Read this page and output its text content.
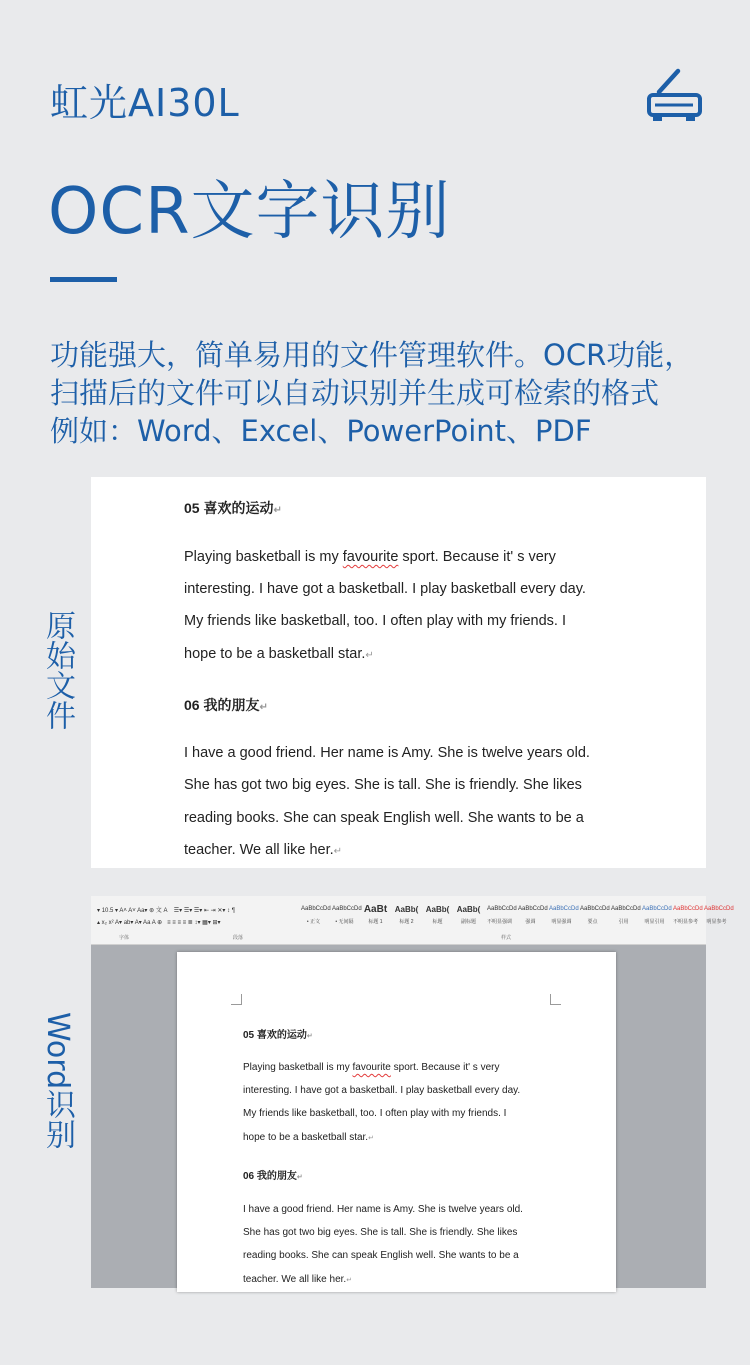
虹光AI30L
OCR文字识别
功能强大，简单易用的文件管理软件。OCR功能，
扫描后的文件可以自动识别并生成可检索的格式
例如：Word、Excel、PowerPoint、PDF
原始文件
Word识别
05 喜欢的运动↵
Playing basketball is my favourite sport. Because it' s very
interesting. I have got a basketball. I play basketball every day.
My friends like basketball, too. I often play with my friends. I
hope to be a basketball star.↵
06 我的朋友↵
I have a good friend. Her name is Amy. She is twelve years old.
She has got two big eyes. She is tall. She is friendly. She likes
reading books. She can speak English well. She wants to be a
teacher. We all like her.↵
▾ 10.5 ▾ A˄ A˅ Aa▾ ⊛ 文 A    ☰▾ ☰▾ ☰▾ ⇤ ⇥ ✕▾ ↕ ¶
▴ x₂ x² A▾ ab▾ A▾ Aa A ⊕   ≡ ≡ ≡ ≡ ≣ ↕▾ ▦▾ ⊞▾
字体	段落	样式
AaBbCcDd
• 正文
AaBbCcDd
• 无间隔
AaBt
标题 1
AaBb(
标题 2
AaBb(
标题
AaBb(
副标题
AaBbCcDd
不明显强调
AaBbCcDd
强调
AaBbCcDd
明显强调
AaBbCcDd
要点
AaBbCcDd
引用
AaBbCcDd
明显引用
AaBbCcDd
不明显参考
AaBbCcDd
明显参考
05 喜欢的运动↵
Playing basketball is my favourite sport. Because it' s very
interesting. I have got a basketball. I play basketball every day.
My friends like basketball, too. I often play with my friends. I
hope to be a basketball star.↵
06 我的朋友↵
I have a good friend. Her name is Amy. She is twelve years old.
She has got two big eyes. She is tall. She is friendly. She likes
reading books. She can speak English well. She wants to be a
teacher. We all like her.↵
